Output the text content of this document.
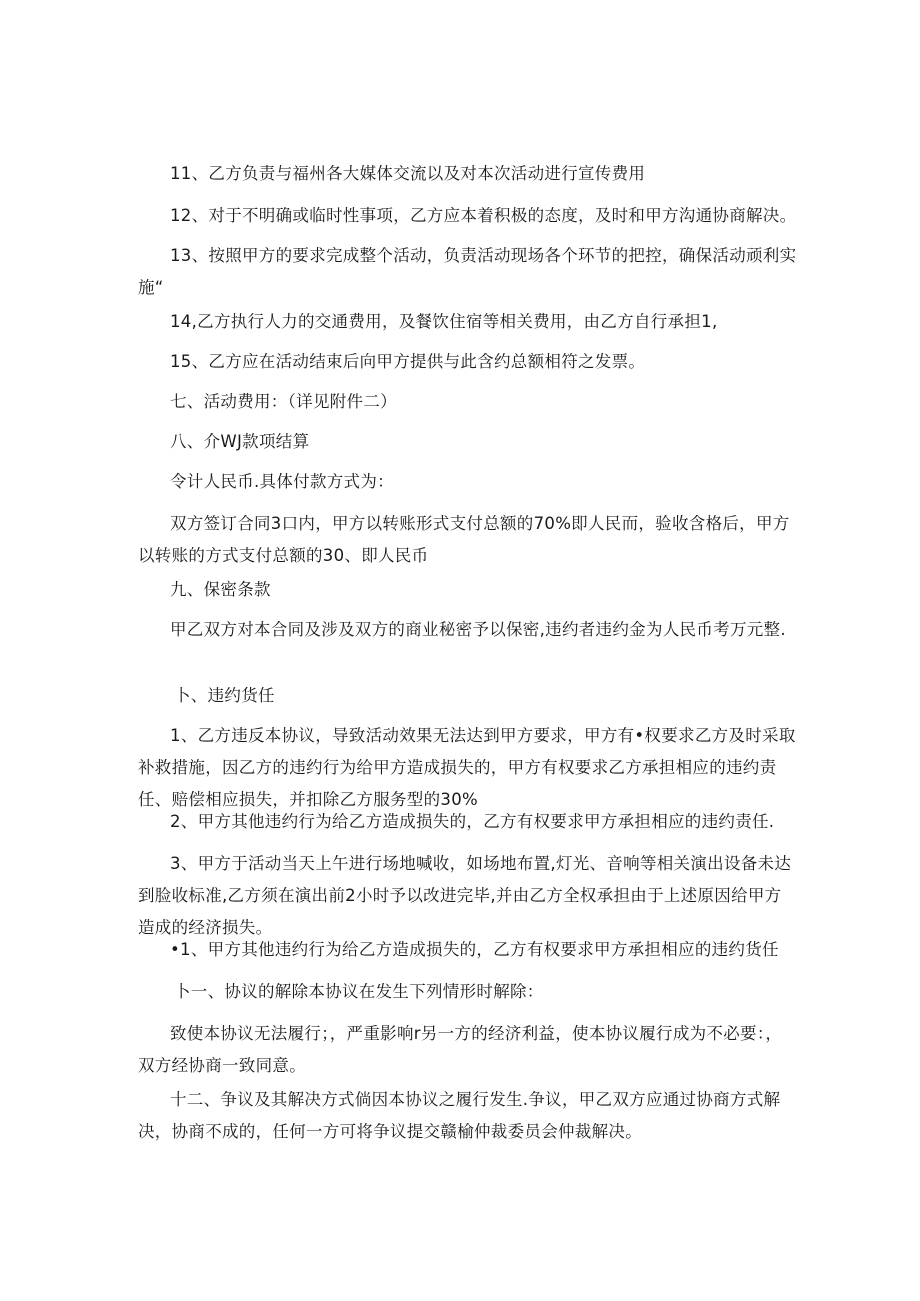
11、乙方负责与福州各大媒体交流以及对本次活动进行宣传费用

12、对于不明确或临时性事项，乙方应本着积极的态度，及时和甲方沟通协商解决。

13、按照甲方的要求完成整个活动，负责活动现场各个环节的把控，确保活动顽利实施“

14,乙方执行人力的交通费用，及餐饮住宿等相关费用，由乙方自行承担1,

15、乙方应在活动结束后向甲方提供与此含约总额相符之发票。

七、活动费用：（详见附件二）

八、介WJ款项结算

令计人民币.具体付款方式为：

双方签订合同3口内，甲方以转账形式支付总额的70%即人民而，验收含格后，甲方以转账的方式支付总额的30、即人民币

九、保密条款

甲乙双方对本合同及涉及双方的商业秘密予以保密,违约者违约金为人民币考万元整.

卜、违约货任

1、乙方违反本协议，导致活动效果无法达到甲方要求，甲方有•权要求乙方及时采取补救措施，因乙方的违约行为给甲方造成损失的，甲方有权要求乙方承担相应的违约责任、赔偿相应损失，并扣除乙方服务型的30%

2、甲方其他违约行为给乙方造成损失的，乙方有权要求甲方承担相应的违约责任.

3、甲方于活动当天上午进行场地喊收，如场地布置,灯光、音响等相关演出设备未达到脸收标准,乙方须在演出前2小时予以改进完毕,并由乙方全权承担由于上述原因给甲方造成的经济损失。

•1、甲方其他违约行为给乙方造成损失的，乙方有权要求甲方承担相应的违约货任

卜一、协议的解除本协议在发生下列情形时解除：

致使本协议无法履行；，严重影响r另一方的经济利益，使本协议履行成为不必要：，双方经协商一致同意。

十二、争议及其解决方式倘因本协议之履行发生.争议，甲乙双方应通过协商方式解决，协商不成的，任何一方可将争议提交赣榆仲裁委员会仲裁解决。
